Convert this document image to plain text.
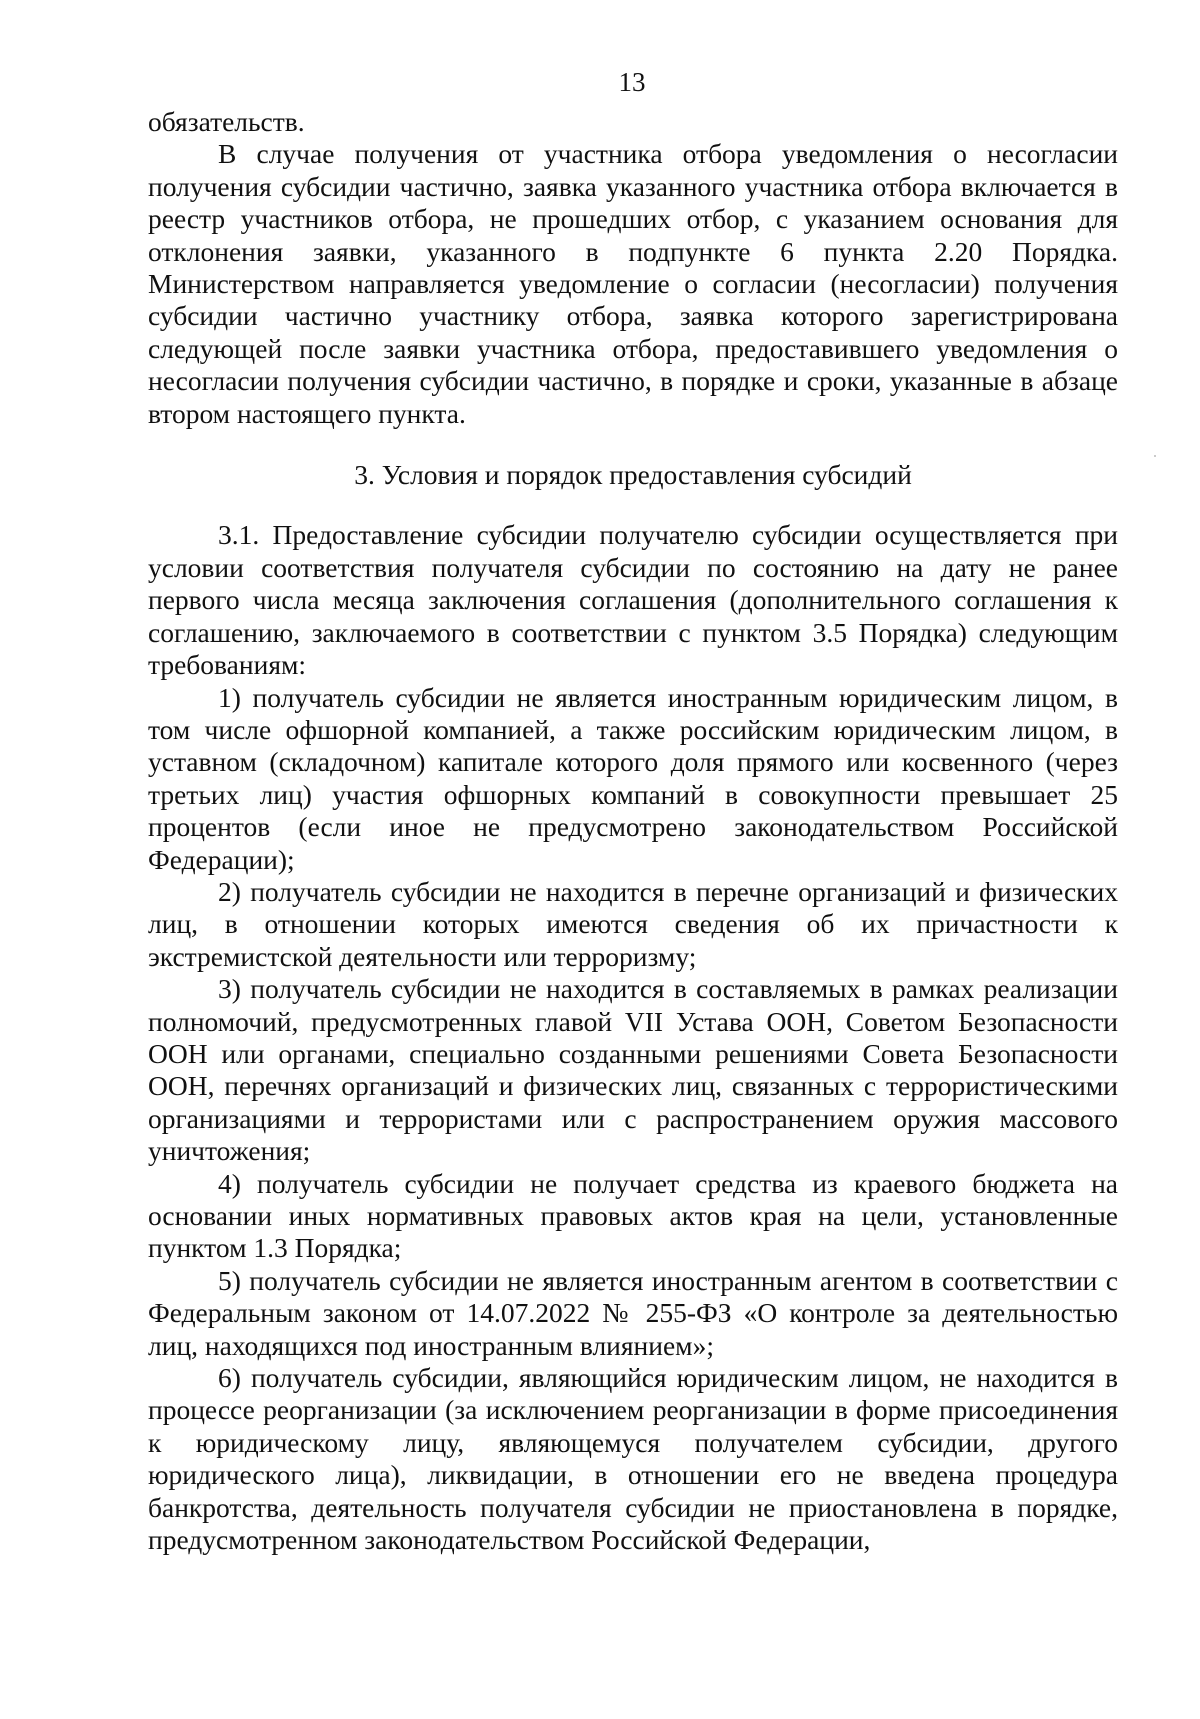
13

обязательств.

В случае получения от участника отбора уведомления о несогласии получения субсидии частично, заявка указанного участника отбора включается в реестр участников отбора, не прошедших отбор, с указанием основания для отклонения заявки, указанного в подпункте 6 пункта 2.20 Порядка. Министерством направляется уведомление о согласии (несогласии) получения субсидии частично участнику отбора, заявка которого зарегистрирована следующей после заявки участника отбора, предоставившего уведомления о несогласии получения субсидии частично, в порядке и сроки, указанные в абзаце втором настоящего пункта.

3. Условия и порядок предоставления субсидий

3.1. Предоставление субсидии получателю субсидии осуществляется при условии соответствия получателя субсидии по состоянию на дату не ранее первого числа месяца заключения соглашения (дополнительного соглашения к соглашению, заключаемого в соответствии с пунктом 3.5 Порядка) следующим требованиям:

1) получатель субсидии не является иностранным юридическим лицом, в том числе офшорной компанией, а также российским юридическим лицом, в уставном (складочном) капитале которого доля прямого или косвенного (через третьих лиц) участия офшорных компаний в совокупности превышает 25 процентов (если иное не предусмотрено законодательством Российской Федерации);

2) получатель субсидии не находится в перечне организаций и физических лиц, в отношении которых имеются сведения об их причастности к экстремистской деятельности или терроризму;

3) получатель субсидии не находится в составляемых в рамках реализации полномочий, предусмотренных главой VII Устава ООН, Советом Безопасности ООН или органами, специально созданными решениями Совета Безопасности ООН, перечнях организаций и физических лиц, связанных с террористическими организациями и террористами или с распространением оружия массового уничтожения;

4) получатель субсидии не получает средства из краевого бюджета на основании иных нормативных правовых актов края на цели, установленные пунктом 1.3 Порядка;

5) получатель субсидии не является иностранным агентом в соответствии с Федеральным законом от 14.07.2022 № 255-ФЗ «О контроле за деятельностью лиц, находящихся под иностранным влиянием»;

6) получатель субсидии, являющийся юридическим лицом, не находится в процессе реорганизации (за исключением реорганизации в форме присоединения к юридическому лицу, являющемуся получателем субсидии, другого юридического лица), ликвидации, в отношении его не введена процедура банкротства, деятельность получателя субсидии не приостановлена в порядке, предусмотренном законодательством Российской Федерации,
